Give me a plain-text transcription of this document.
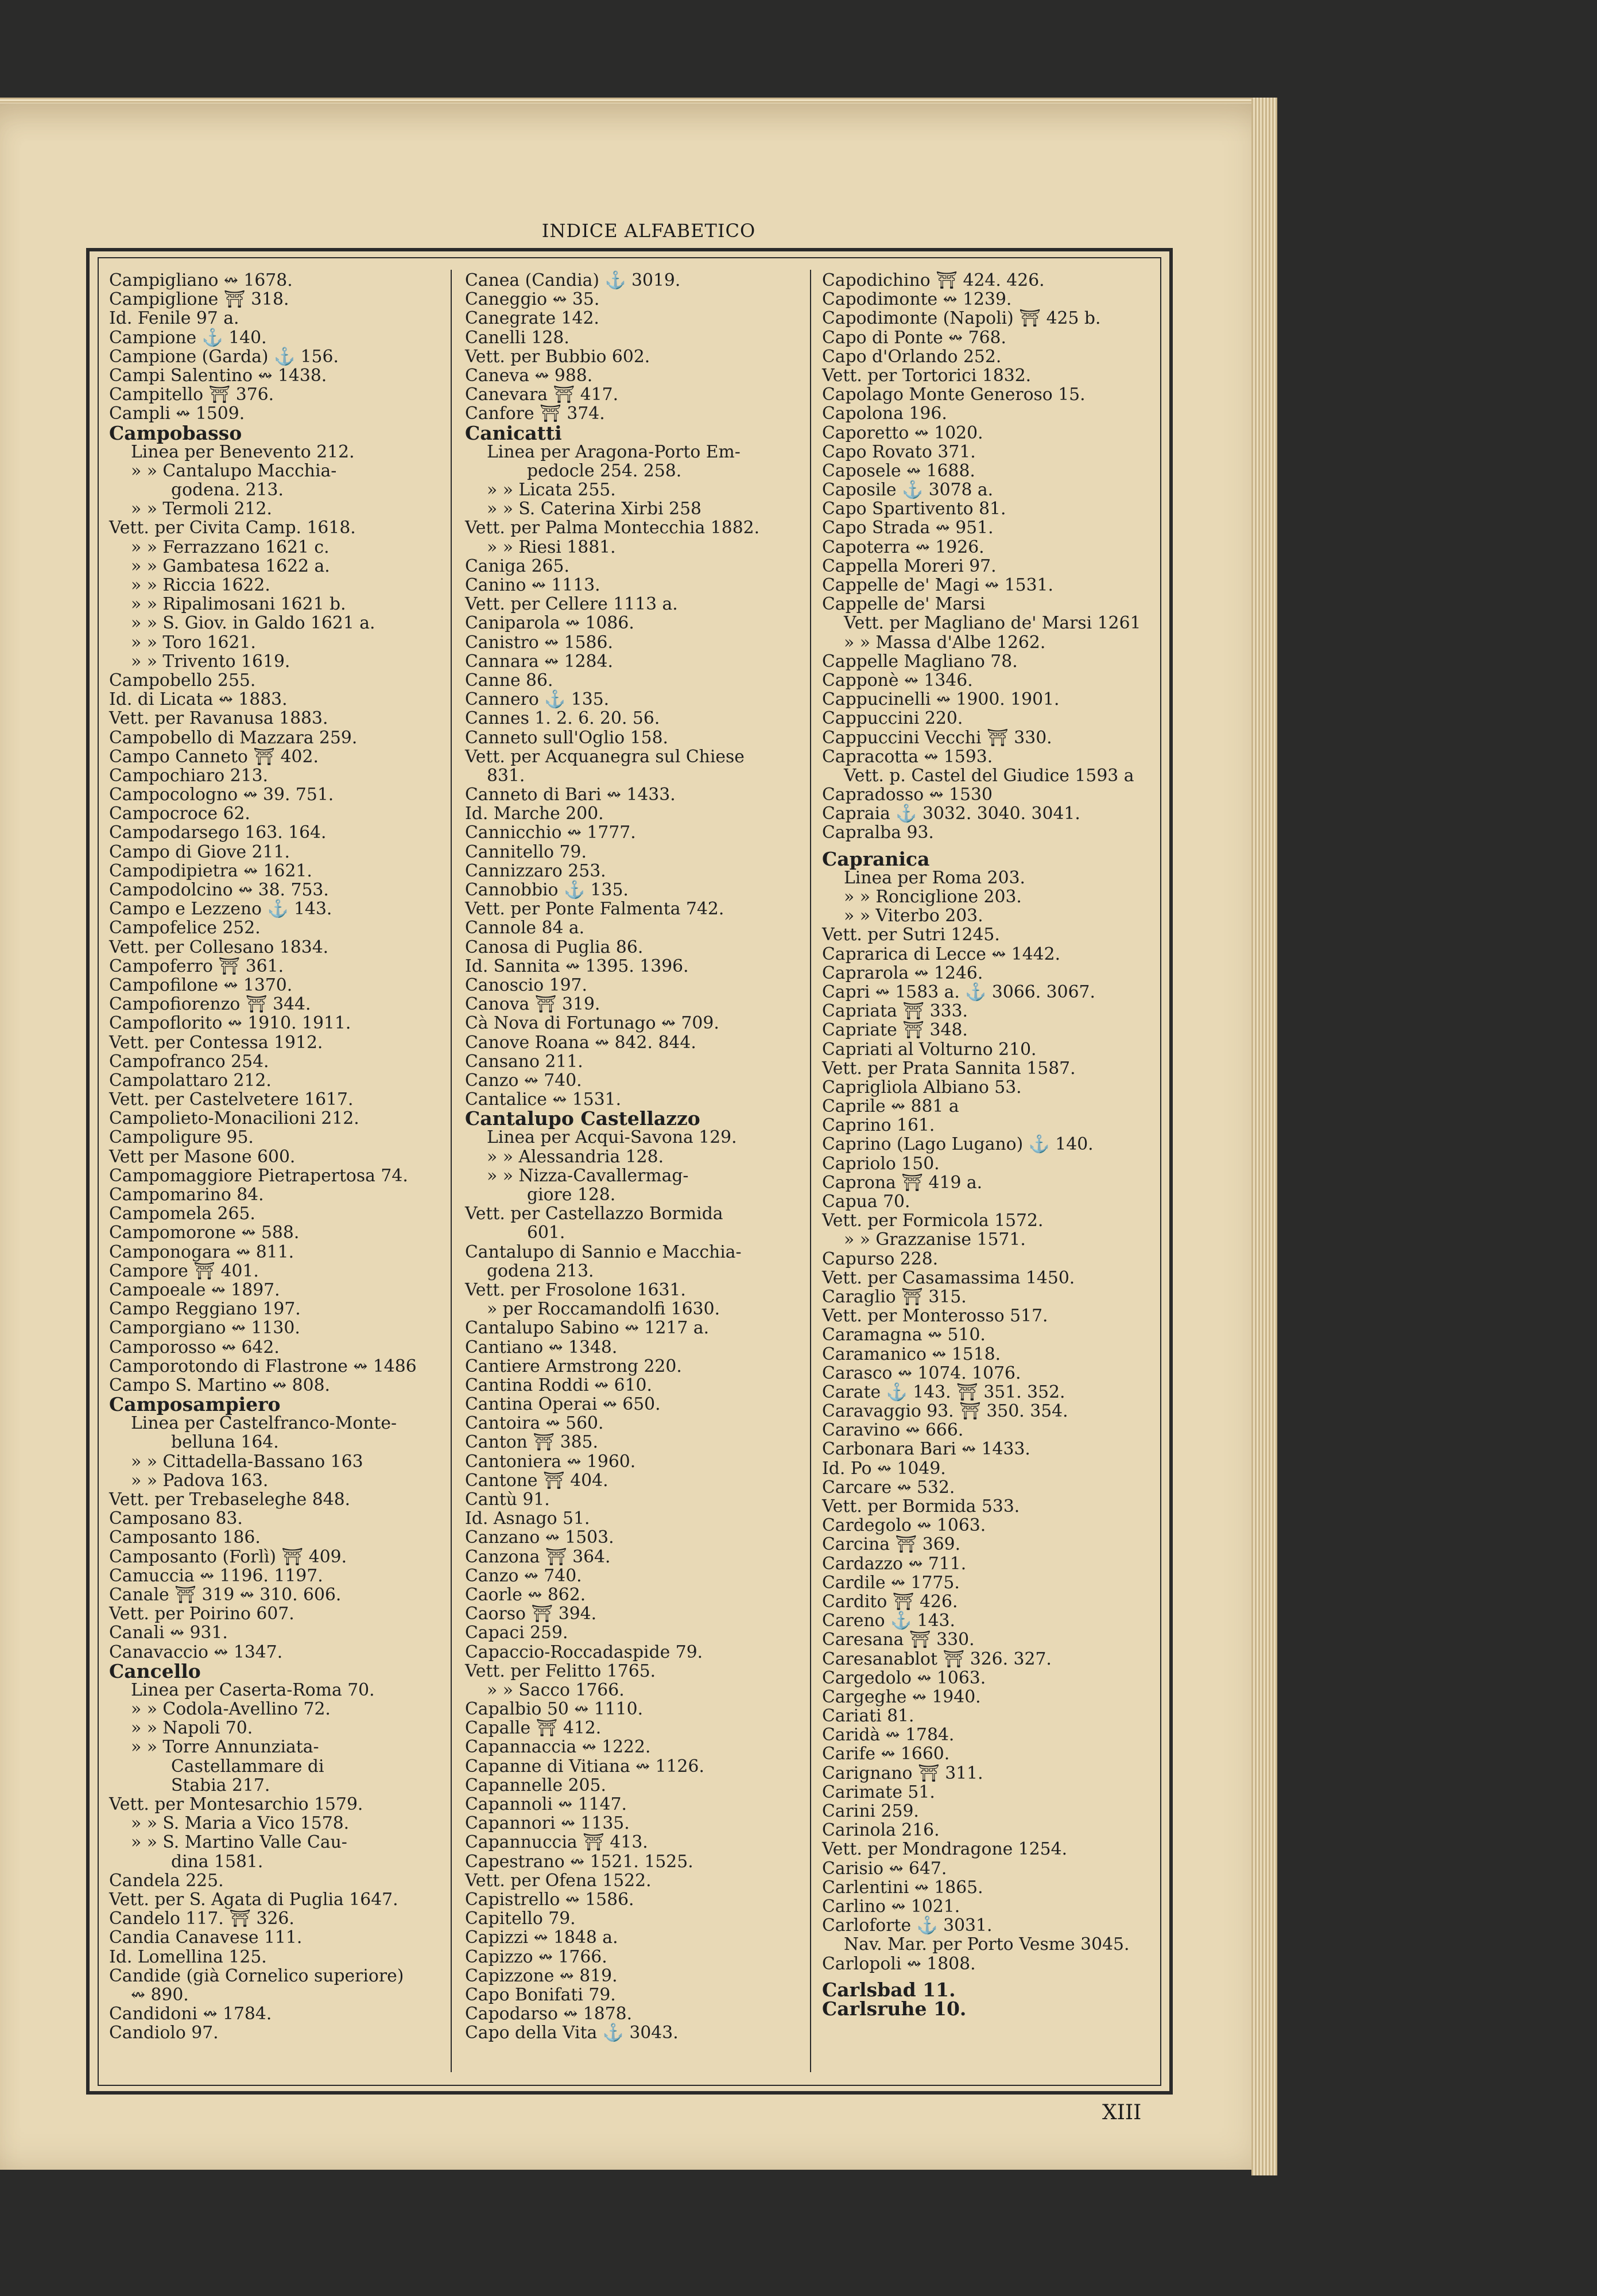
INDICE ALFABETICO
Campigliano ↭ 1678.
Campiglione ⛩ 318.
Id. Fenile 97 a.
Campione ⚓ 140.
Campione (Garda) ⚓ 156.
Campi Salentino ↭ 1438.
Campitello ⛩ 376.
Campli ↭ 1509.
Campobasso
Linea per Benevento 212.
» » Cantalupo Macchia-
godena. 213.
» » Termoli 212.
Vett. per Civita Camp. 1618.
» » Ferrazzano 1621 c.
» » Gambatesa 1622 a.
» » Riccia 1622.
» » Ripalimosani 1621 b.
» » S. Giov. in Galdo 1621 a.
» » Toro 1621.
» » Trivento 1619.
Campobello 255.
Id. di Licata ↭ 1883.
Vett. per Ravanusa 1883.
Campobello di Mazzara 259.
Campo Canneto ⛩ 402.
Campochiaro 213.
Campocologno ↭ 39. 751.
Campocroce 62.
Campodarsego 163. 164.
Campo di Giove 211.
Campodipietra ↭ 1621.
Campodolcino ↭ 38. 753.
Campo e Lezzeno ⚓ 143.
Campofelice 252.
Vett. per Collesano 1834.
Campoferro ⛩ 361.
Campofilone ↭ 1370.
Campofiorenzo ⛩ 344.
Campoflorito ↭ 1910. 1911.
Vett. per Contessa 1912.
Campofranco 254.
Campolattaro 212.
Vett. per Castelvetere 1617.
Campolieto-Monacilioni 212.
Campoligure 95.
Vett per Masone 600.
Campomaggiore Pietrapertosa 74.
Campomarino 84.
Campomela 265.
Campomorone ↭ 588.
Camponogara ↭ 811.
Campore ⛩ 401.
Campoeale ↭ 1897.
Campo Reggiano 197.
Camporgiano ↭ 1130.
Camporosso ↭ 642.
Camporotondo di Flastrone ↭ 1486
Campo S. Martino ↭ 808.
Camposampiero
Linea per Castelfranco-Monte-
belluna 164.
» » Cittadella-Bassano 163
» » Padova 163.
Vett. per Trebaseleghe 848.
Camposano 83.
Camposanto 186.
Camposanto (Forlì) ⛩ 409.
Camuccia ↭ 1196. 1197.
Canale ⛩ 319 ↭ 310. 606.
Vett. per Poirino 607.
Canali ↭ 931.
Canavaccio ↭ 1347.
Cancello
Linea per Caserta-Roma 70.
» » Codola-Avellino 72.
» » Napoli 70.
» » Torre Annunziata-
Castellammare di
Stabia 217.
Vett. per Montesarchio 1579.
» » S. Maria a Vico 1578.
» » S. Martino Valle Cau-
dina 1581.
Candela 225.
Vett. per S. Agata di Puglia 1647.
Candelo 117. ⛩ 326.
Candia Canavese 111.
Id. Lomellina 125.
Candide (già Cornelico superiore)
↭ 890.
Candidoni ↭ 1784.
Candiolo 97.
Canea (Candia) ⚓ 3019.
Caneggio ↭ 35.
Canegrate 142.
Canelli 128.
Vett. per Bubbio 602.
Caneva ↭ 988.
Canevara ⛩ 417.
Canfore ⛩ 374.
Canicatti
Linea per Aragona-Porto Em-
pedocle 254. 258.
» » Licata 255.
» » S. Caterina Xirbi 258
Vett. per Palma Montecchia 1882.
» » Riesi 1881.
Caniga 265.
Canino ↭ 1113.
Vett. per Cellere 1113 a.
Caniparola ↭ 1086.
Canistro ↭ 1586.
Cannara ↭ 1284.
Canne 86.
Cannero ⚓ 135.
Cannes 1. 2. 6. 20. 56.
Canneto sull'Oglio 158.
Vett. per Acquanegra sul Chiese
831.
Canneto di Bari ↭ 1433.
Id. Marche 200.
Cannicchio ↭ 1777.
Cannitello 79.
Cannizzaro 253.
Cannobbio ⚓ 135.
Vett. per Ponte Falmenta 742.
Cannole 84 a.
Canosa di Puglia 86.
Id. Sannita ↭ 1395. 1396.
Canoscio 197.
Canova ⛩ 319.
Cà Nova di Fortunago ↭ 709.
Canove Roana ↭ 842. 844.
Cansano 211.
Canzo ↭ 740.
Cantalice ↭ 1531.
Cantalupo Castellazzo
Linea per Acqui-Savona 129.
» » Alessandria 128.
» » Nizza-Cavallermag-
giore 128.
Vett. per Castellazzo Bormida
601.
Cantalupo di Sannio e Macchia-
godena 213.
Vett. per Frosolone 1631.
» per Roccamandolfi 1630.
Cantalupo Sabino ↭ 1217 a.
Cantiano ↭ 1348.
Cantiere Armstrong 220.
Cantina Roddi ↭ 610.
Cantina Operai ↭ 650.
Cantoira ↭ 560.
Canton ⛩ 385.
Cantoniera ↭ 1960.
Cantone ⛩ 404.
Cantù 91.
Id. Asnago 51.
Canzano ↭ 1503.
Canzona ⛩ 364.
Canzo ↭ 740.
Caorle ↭ 862.
Caorso ⛩ 394.
Capaci 259.
Capaccio-Roccadaspide 79.
Vett. per Felitto 1765.
» » Sacco 1766.
Capalbio 50 ↭ 1110.
Capalle ⛩ 412.
Capannaccia ↭ 1222.
Capanne di Vitiana ↭ 1126.
Capannelle 205.
Capannoli ↭ 1147.
Capannori ↭ 1135.
Capannuccia ⛩ 413.
Capestrano ↭ 1521. 1525.
Vett. per Ofena 1522.
Capistrello ↭ 1586.
Capitello 79.
Capizzi ↭ 1848 a.
Capizzo ↭ 1766.
Capizzone ↭ 819.
Capo Bonifati 79.
Capodarso ↭ 1878.
Capo della Vita ⚓ 3043.
Capodichino ⛩ 424. 426.
Capodimonte ↭ 1239.
Capodimonte (Napoli) ⛩ 425 b.
Capo di Ponte ↭ 768.
Capo d'Orlando 252.
Vett. per Tortorici 1832.
Capolago Monte Generoso 15.
Capolona 196.
Caporetto ↭ 1020.
Capo Rovato 371.
Caposele ↭ 1688.
Caposile ⚓ 3078 a.
Capo Spartivento 81.
Capo Strada ↭ 951.
Capoterra ↭ 1926.
Cappella Moreri 97.
Cappelle de' Magi ↭ 1531.
Cappelle de' Marsi
Vett. per Magliano de' Marsi 1261
» » Massa d'Albe 1262.
Cappelle Magliano 78.
Capponè ↭ 1346.
Cappucinelli ↭ 1900. 1901.
Cappuccini 220.
Cappuccini Vecchi ⛩ 330.
Capracotta ↭ 1593.
Vett. p. Castel del Giudice 1593 a
Capradosso ↭ 1530
Capraia ⚓ 3032. 3040. 3041.
Capralba 93.
Capranica
Linea per Roma 203.
» » Ronciglione 203.
» » Viterbo 203.
Vett. per Sutri 1245.
Caprarica di Lecce ↭ 1442.
Caprarola ↭ 1246.
Capri ↭ 1583 a. ⚓ 3066. 3067.
Capriata ⛩ 333.
Capriate ⛩ 348.
Capriati al Volturno 210.
Vett. per Prata Sannita 1587.
Caprigliola Albiano 53.
Caprile ↭ 881 a
Caprino 161.
Caprino (Lago Lugano) ⚓ 140.
Capriolo 150.
Caprona ⛩ 419 a.
Capua 70.
Vett. per Formicola 1572.
» » Grazzanise 1571.
Capurso 228.
Vett. per Casamassima 1450.
Caraglio ⛩ 315.
Vett. per Monterosso 517.
Caramagna ↭ 510.
Caramanico ↭ 1518.
Carasco ↭ 1074. 1076.
Carate ⚓ 143. ⛩ 351. 352.
Caravaggio 93. ⛩ 350. 354.
Caravino ↭ 666.
Carbonara Bari ↭ 1433.
Id. Po ↭ 1049.
Carcare ↭ 532.
Vett. per Bormida 533.
Cardegolo ↭ 1063.
Carcina ⛩ 369.
Cardazzo ↭ 711.
Cardile ↭ 1775.
Cardito ⛩ 426.
Careno ⚓ 143.
Caresana ⛩ 330.
Caresanablot ⛩ 326. 327.
Cargedolo ↭ 1063.
Cargeghe ↭ 1940.
Cariati 81.
Caridà ↭ 1784.
Carife ↭ 1660.
Carignano ⛩ 311.
Carimate 51.
Carini 259.
Carinola 216.
Vett. per Mondragone 1254.
Carisio ↭ 647.
Carlentini ↭ 1865.
Carlino ↭ 1021.
Carloforte ⚓ 3031.
Nav. Mar. per Porto Vesme 3045.
Carlopoli ↭ 1808.
Carlsbad 11.
Carlsruhe 10.
XIII
